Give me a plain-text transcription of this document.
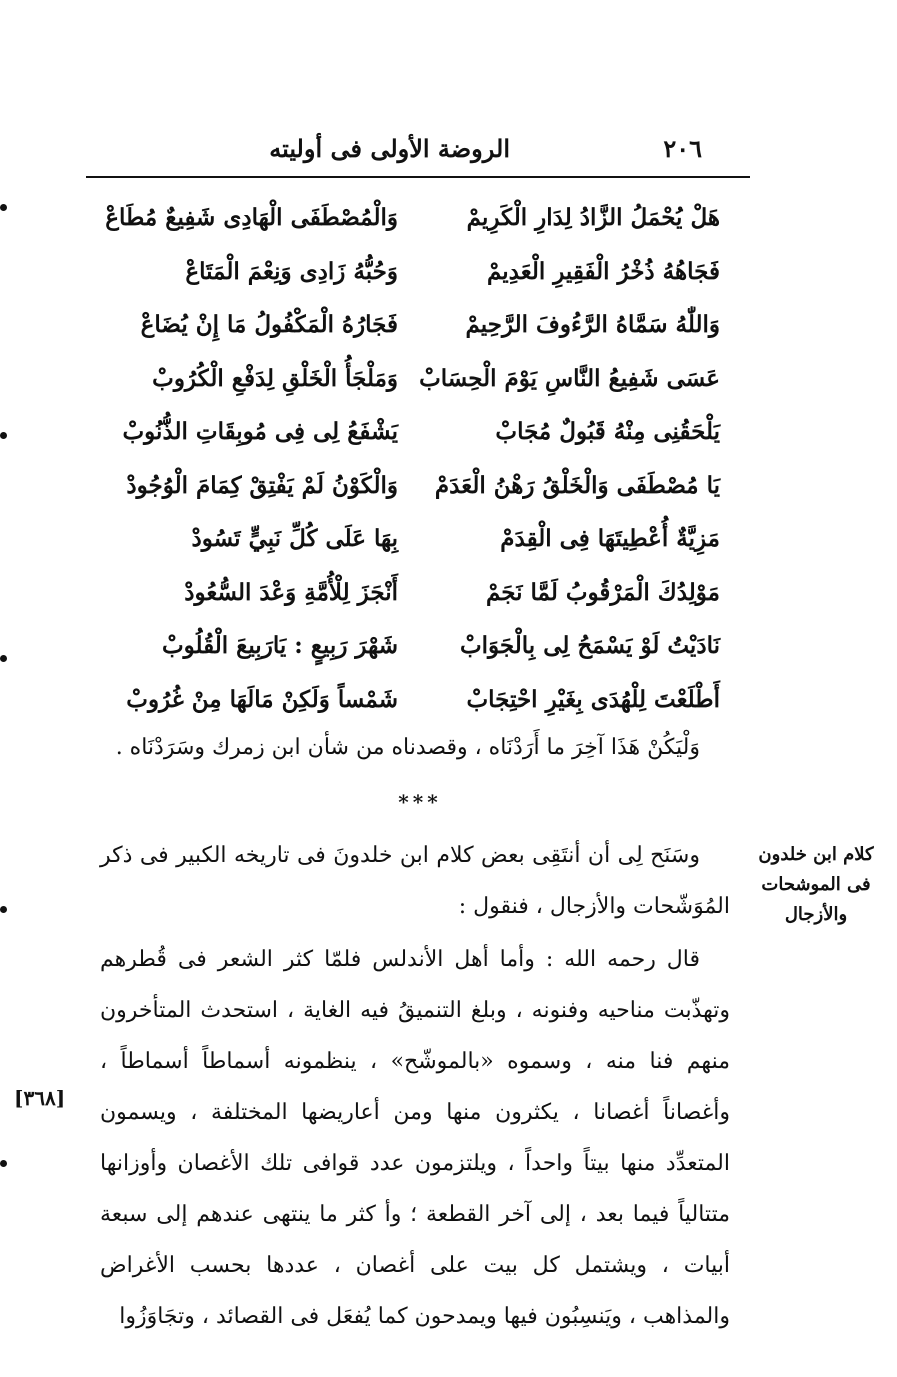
٢٠٦
الروضة الأولى فى أوليته
هَلْ يُحْمَلُ الزَّادُ لِدَارِ الْكَرِيمْ
وَالْمُصْطَفَى الْهَادِى شَفِيعٌ مُطَاعْ
فَجَاهُهُ ذُخْرُ الْفَقِيرِ الْعَدِيمْ
وَحُبُّهُ زَادِى وَنِعْمَ الْمَتَاعْ
وَاللّٰهُ سَمَّاهُ الرَّءُوفَ الرَّحِيمْ
فَجَارُهُ الْمَكْفُولُ مَا إِنْ يُضَاعْ
عَسَى شَفِيعُ النَّاسِ يَوْمَ الْحِسَابْ
وَمَلْجَأُ الْخَلْقِ لِدَفْعِ الْكُرُوبْ
يَلْحَقُنِى مِنْهُ قَبُولٌ مُجَابْ
يَشْفَعُ لِى فِى مُوبِقَاتِ الذُّنُوبْ
يَا مُصْطَفَى وَالْخَلْقُ رَهْنُ الْعَدَمْ
وَالْكَوْنُ لَمْ يَفْتِقْ كِمَامَ الْوُجُودْ
مَزِيَّةٌ أُعْطِيتَهَا فِى الْقِدَمْ
بِهَا عَلَى كُلِّ نَبِيٍّ تَسُودْ
مَوْلِدُكَ الْمَرْقُوبُ لَمَّا نَجَمْ
أَنْجَزَ لِلْأُمَّةِ وَعْدَ السُّعُودْ
نَادَيْتُ لَوْ يَسْمَحُ لِى بِالْجَوَابْ
شَهْرَ رَبِيعٍ : يَارَبِيعَ الْقُلُوبْ
أَطْلَعْتَ لِلْهُدَى بِغَيْرِ احْتِجَابْ
شَمْساً وَلَكِنْ مَالَهَا مِنْ غُرُوبْ

وَلْيَكُنْ هَذَا آخِرَ ما أَرَدْنَاه ، وقصدناه من شأن ابن زمرك وسَرَدْنَاه .

***

وسَنَح لِى أن أنتَقِى بعض كلام ابن خلدونَ فى تاريخه الكبير فى ذكر المُوَشّحات والأزجال ، فنقول :

قال رحمه الله : وأما أهل الأندلس فلمّا كثر الشعر فى قُطرهم وتهذّبت مناحيه وفنونه ، وبلغ التنميقُ فيه الغاية ، استحدث المتأخرون منهم فنا منه ، وسموه «بالموشّح» ، ينظمونه أسماطاً أسماطاً ، وأغصاناً أغصانا ، يكثرون منها ومن أعاريضها المختلفة ، ويسمون المتعدِّد منها بيتاً واحداً ، ويلتزمون عدد قوافى تلك الأغصان وأوزانها متتالياً فيما بعد ، إلى آخر القطعة ؛ وأ كثر ما ينتهى عندهم إلى سبعة أبيات ، ويشتمل كل بيت على أغصان ، عددها بحسب الأغراض والمذاهب ، ويَنسِبُون فيها ويمدحون كما يُفعَل فى القصائد ، وتجَاوَزُوا

كلام ابن خلدون
فى الموشحات
والأزجال
[٣٦٨]
